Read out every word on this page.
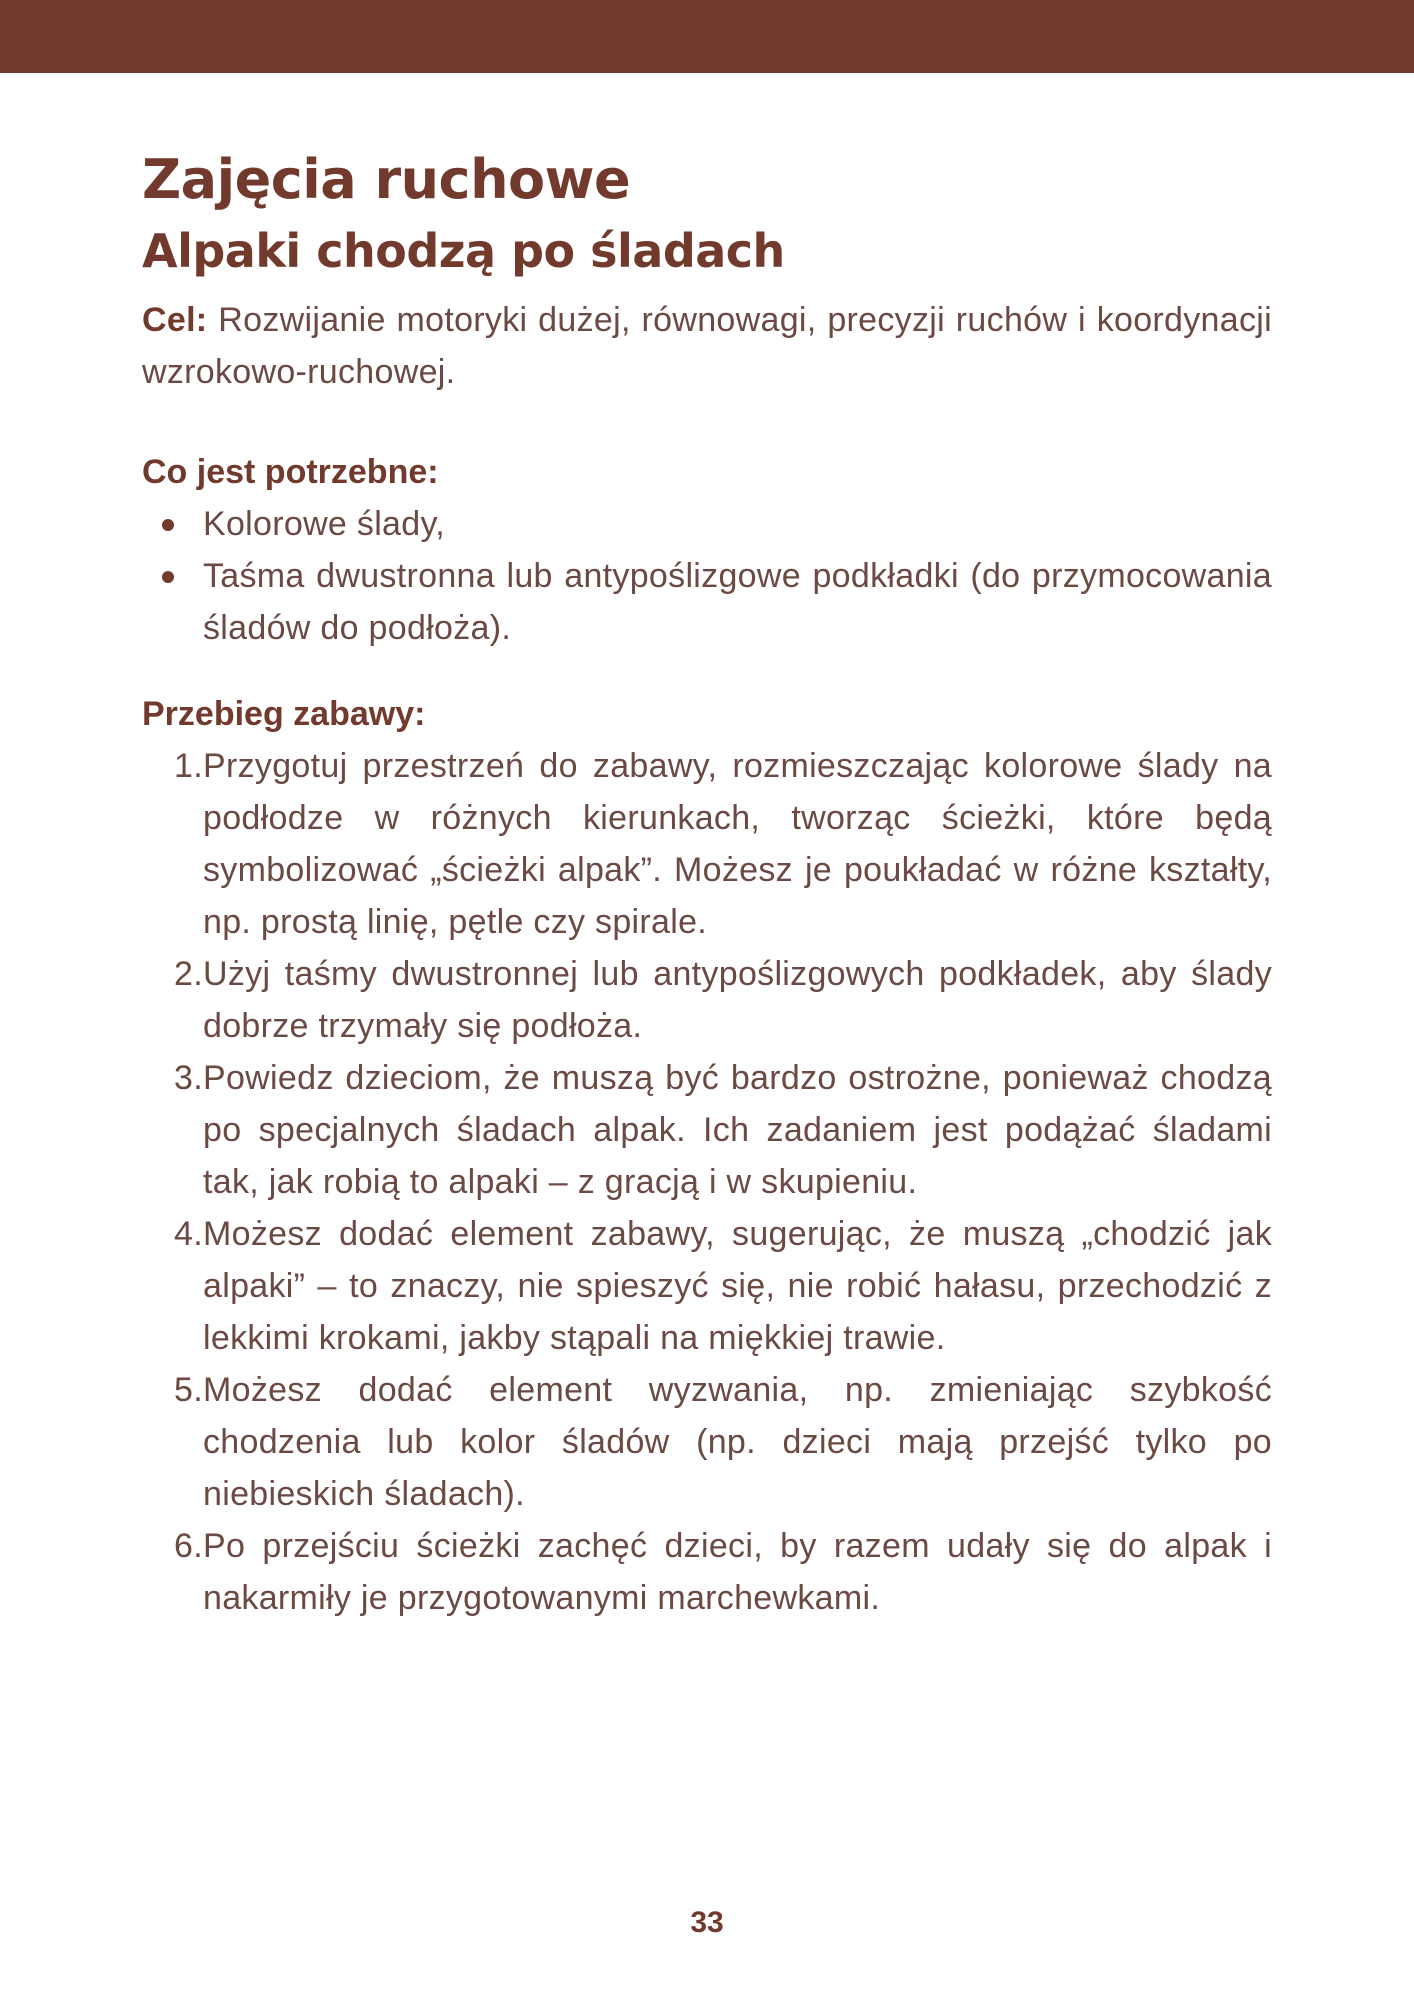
Zajęcia ruchowe
Alpaki chodzą po śladach
Cel: Rozwijanie motoryki dużej, równowagi, precyzji ruchów i koordynacji wzrokowo-ruchowej.

Co jest potrzebne:

Kolorowe ślady,
Taśma dwustronna lub antypoślizgowe podkładki (do przymocowania śladów do podłoża).

Przebieg zabawy:

1. Przygotuj przestrzeń do zabawy, rozmieszczając kolorowe ślady na podłodze w różnych kierunkach, tworząc ścieżki, które będą symbolizować „ścieżki alpak”. Możesz je poukładać w różne kształty, np. prostą linię, pętle czy spirale.
2. Użyj taśmy dwustronnej lub antypoślizgowych podkładek, aby ślady dobrze trzymały się podłoża.
3. Powiedz dzieciom, że muszą być bardzo ostrożne, ponieważ chodzą po specjalnych śladach alpak. Ich zadaniem jest podążać śladami tak, jak robią to alpaki – z gracją i w skupieniu.
4. Możesz dodać element zabawy, sugerując, że muszą „chodzić jak alpaki” – to znaczy, nie spieszyć się, nie robić hałasu, przechodzić z lekkimi krokami, jakby stąpali na miękkiej trawie.
5. Możesz dodać element wyzwania, np. zmieniając szybkość chodzenia lub kolor śladów (np. dzieci mają przejść tylko po niebieskich śladach).
6. Po przejściu ścieżki zachęć dzieci, by razem udały się do alpak i nakarmiły je przygotowanymi marchewkami.
33
